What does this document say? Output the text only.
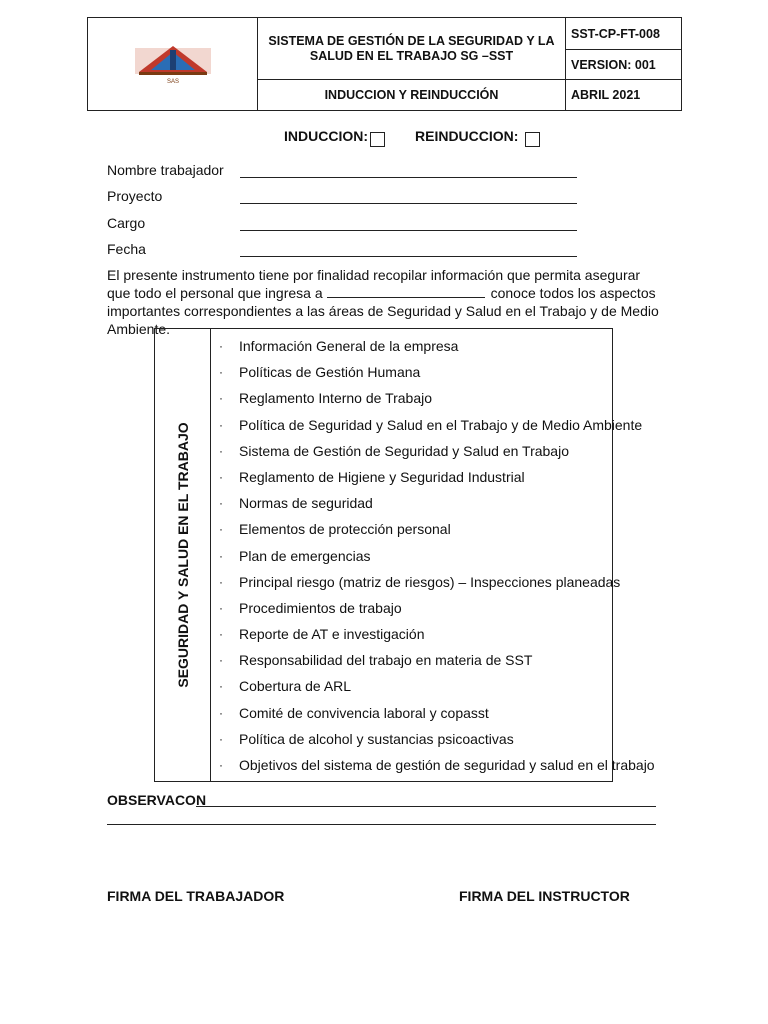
SAS	SISTEMA DE GESTIÓN DE LA SEGURIDAD Y LA SALUD EN EL TRABAJO SG –SST	SST-CP-FT-008
		VERSION: 001
	INDUCCION Y REINDUCCIÓN	ABRIL 2021
INDUCCION:	REINDUCCION:
Nombre trabajador
Proyecto
Cargo
Fecha
El presente instrumento tiene por finalidad recopilar información que permita asegurar que todo el personal que ingresa a	conoce todos los aspectos importantes correspondientes a las áreas de Seguridad y Salud en el Trabajo y de Medio Ambiente.
SEGURIDAD Y SALUD EN EL TRABAJO
· Información General de la empresa
· Políticas de Gestión Humana
· Reglamento Interno de Trabajo
· Política de Seguridad y Salud en el Trabajo y de Medio Ambiente
· Sistema de Gestión de Seguridad y Salud en Trabajo
· Reglamento de Higiene y Seguridad Industrial
· Normas de seguridad
· Elementos de protección personal
· Plan de emergencias
· Principal riesgo (matriz de riesgos) – Inspecciones planeadas
· Procedimientos de trabajo
· Reporte de AT e investigación
· Responsabilidad del trabajo en materia de SST
· Cobertura de ARL
· Comité de convivencia laboral y copasst
· Política de alcohol y sustancias psicoactivas
· Objetivos del sistema de gestión de seguridad y salud en el trabajo
OBSERVACON
FIRMA DEL TRABAJADOR	FIRMA DEL INSTRUCTOR
